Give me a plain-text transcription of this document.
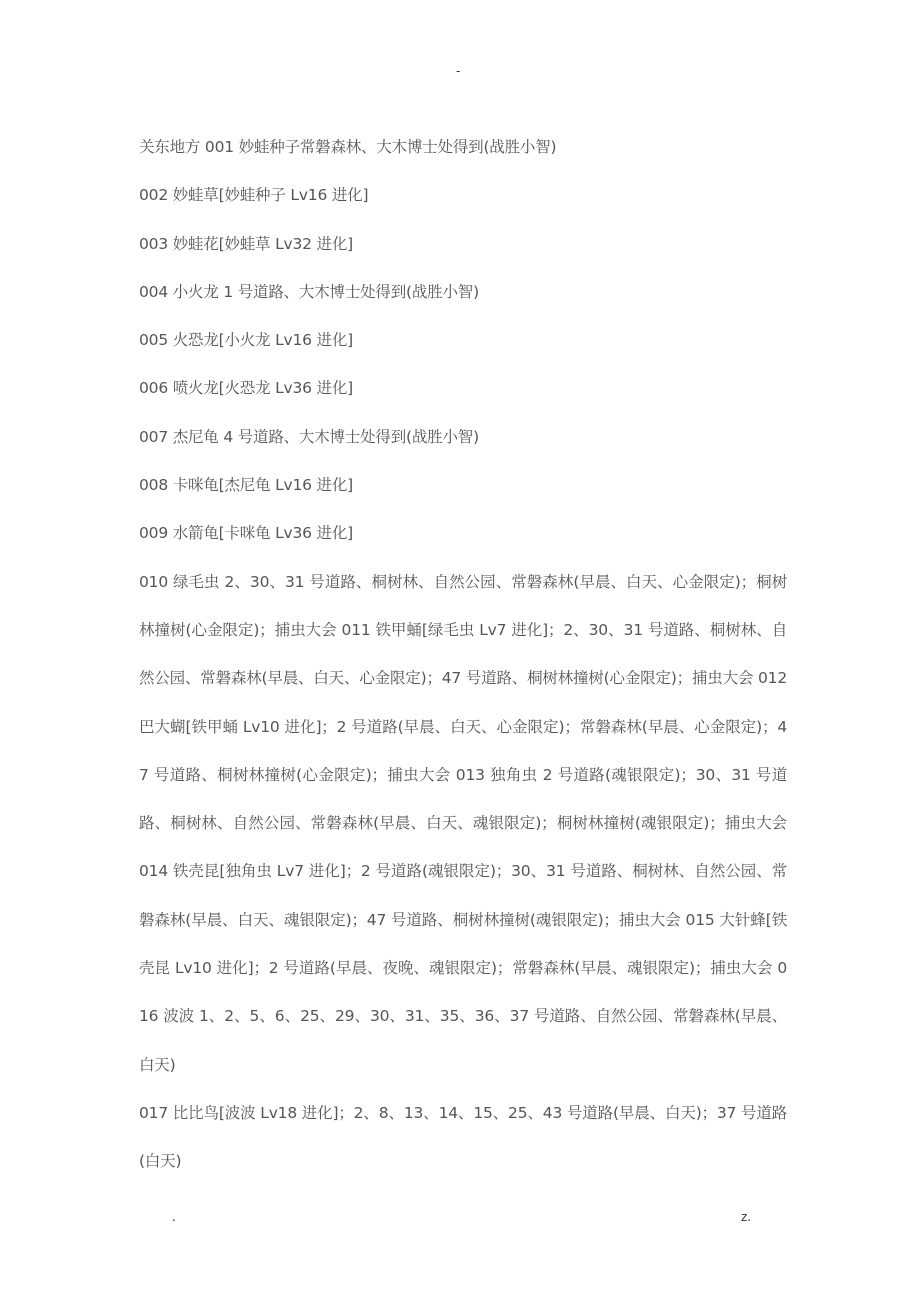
-

关东地方 001 妙蛙种子常磐森林、大木博士处得到(战胜小智)

002 妙蛙草[妙蛙种子 Lv16 进化]

003 妙蛙花[妙蛙草 Lv32 进化]

004 小火龙 1 号道路、大木博士处得到(战胜小智)

005 火恐龙[小火龙 Lv16 进化]

006 喷火龙[火恐龙 Lv36 进化]

007 杰尼龟 4 号道路、大木博士处得到(战胜小智)

008 卡咪龟[杰尼龟 Lv16 进化]

009 水箭龟[卡咪龟 Lv36 进化]

010 绿毛虫 2、30、31 号道路、桐树林、自然公园、常磐森林(早晨、白天、心金限定)；桐树林撞树(心金限定)；捕虫大会 011 铁甲蛹[绿毛虫 Lv7 进化]；2、30、31 号道路、桐树林、自然公园、常磐森林(早晨、白天、心金限定)；47 号道路、桐树林撞树(心金限定)；捕虫大会 012 巴大蝴[铁甲蛹 Lv10 进化]；2 号道路(早晨、白天、心金限定)；常磐森林(早晨、心金限定)；47 号道路、桐树林撞树(心金限定)；捕虫大会 013 独角虫 2 号道路(魂银限定)；30、31 号道路、桐树林、自然公园、常磐森林(早晨、白天、魂银限定)；桐树林撞树(魂银限定)；捕虫大会 014 铁壳昆[独角虫 Lv7 进化]；2 号道路(魂银限定)；30、31 号道路、桐树林、自然公园、常磐森林(早晨、白天、魂银限定)；47 号道路、桐树林撞树(魂银限定)；捕虫大会 015 大针蜂[铁壳昆 Lv10 进化]；2 号道路(早晨、夜晚、魂银限定)；常磐森林(早晨、魂银限定)；捕虫大会 016 波波 1、2、5、6、25、29、30、31、35、36、37 号道路、自然公园、常磐森林(早晨、白天)

017 比比鸟[波波 Lv18 进化]；2、8、13、14、15、25、43 号道路(早晨、白天)；37 号道路(白天)

.	z.
